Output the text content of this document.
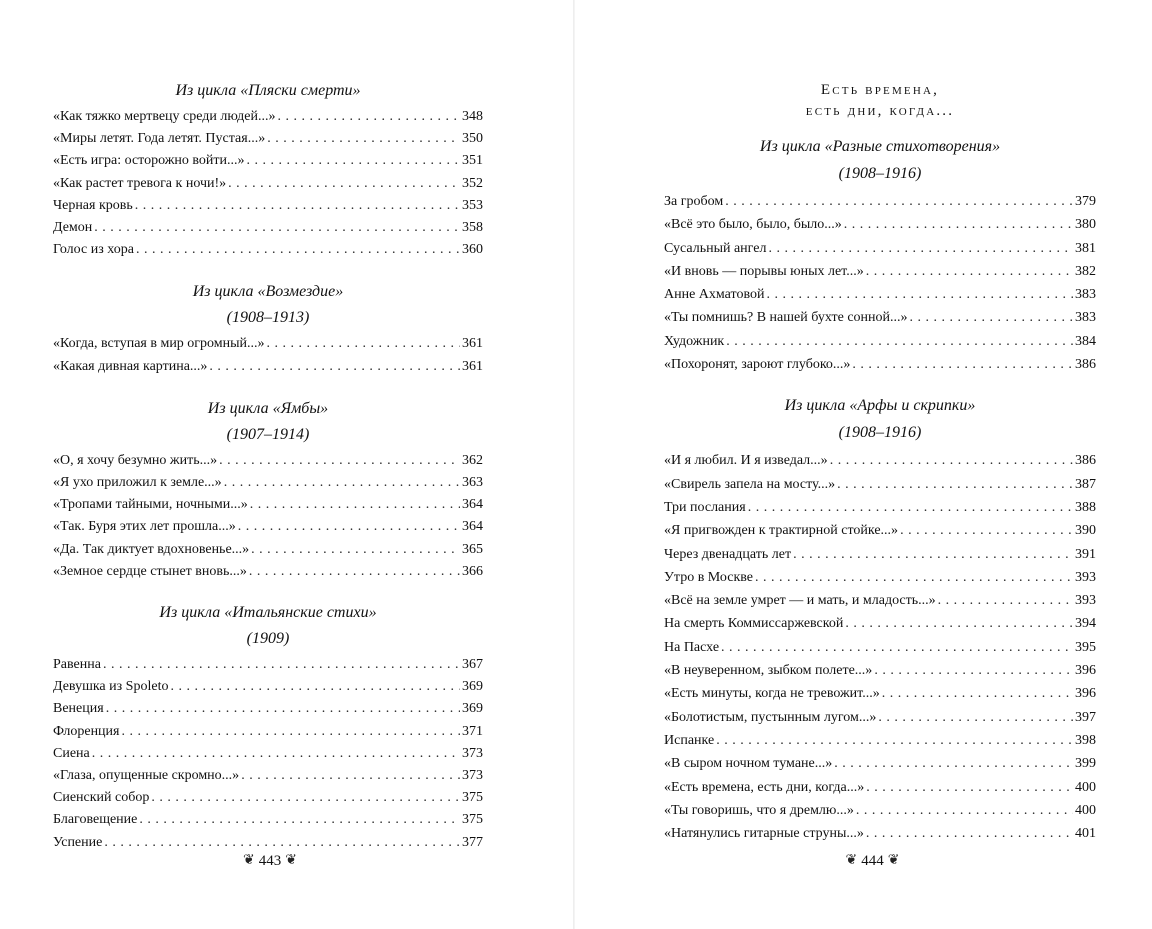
Из цикла «Пляски смерти»
«Как тяжко мертвецу среди людей...» . . .	348
«Миры летят. Года летят. Пустая...» . . .	350
«Есть игра: осторожно войти...» . . .	351
«Как растет тревога к ночи!» . . .	352
Черная кровь . . .	353
Демон . . .	358
Голос из хора . . .	360
Из цикла «Возмездие»
(1908–1913)
«Когда, вступая в мир огромный...» . . .	361
«Какая дивная картина...» . . .	361
Из цикла «Ямбы»
(1907–1914)
«О, я хочу безумно жить...» . . .	362
«Я ухо приложил к земле...» . . .	363
«Тропами тайными, ночными...» . . .	364
«Так. Буря этих лет прошла...» . . .	364
«Да. Так диктует вдохновенье...» . . .	365
«Земное сердце стынет вновь...» . . .	366
Из цикла «Итальянские стихи»
(1909)
Равенна . . .	367
Девушка из Spoleto . . .	369
Венеция . . .	369
Флоренция . . .	371
Сиена . . .	373
«Глаза, опущенные скромно...» . . .	373
Сиенский собор . . .	375
Благовещение . . .	375
Успение . . .	377
❦ 443 ❦
Есть времена,
есть дни, когда...
Из цикла «Разные стихотворения»
(1908–1916)
За гробом . . .	379
«Всё это было, было, было...» . . .	380
Сусальный ангел . . .	381
«И вновь — порывы юных лет...» . . .	382
Анне Ахматовой . . .	383
«Ты помнишь? В нашей бухте сонной...» . . .	383
Художник . . .	384
«Похоронят, зароют глубоко...» . . .	386
Из цикла «Арфы и скрипки»
(1908–1916)
«И я любил. И я изведал...» . . .	386
«Свирель запела на мосту...» . . .	387
Три послания . . .	388
«Я пригвожден к трактирной стойке...» . . .	390
Через двенадцать лет . . .	391
Утро в Москве . . .	393
«Всё на земле умрет — и мать, и младость...» . . .	393
На смерть Коммиссаржевской . . .	394
На Пасхе . . .	395
«В неуверенном, зыбком полете...» . . .	396
«Есть минуты, когда не тревожит...» . . .	396
«Болотистым, пустынным лугом...» . . .	397
Испанке . . .	398
«В сыром ночном тумане...» . . .	399
«Есть времена, есть дни, когда...» . . .	400
«Ты говоришь, что я дремлю...» . . .	400
«Натянулись гитарные струны...» . . .	401
❦ 444 ❦
